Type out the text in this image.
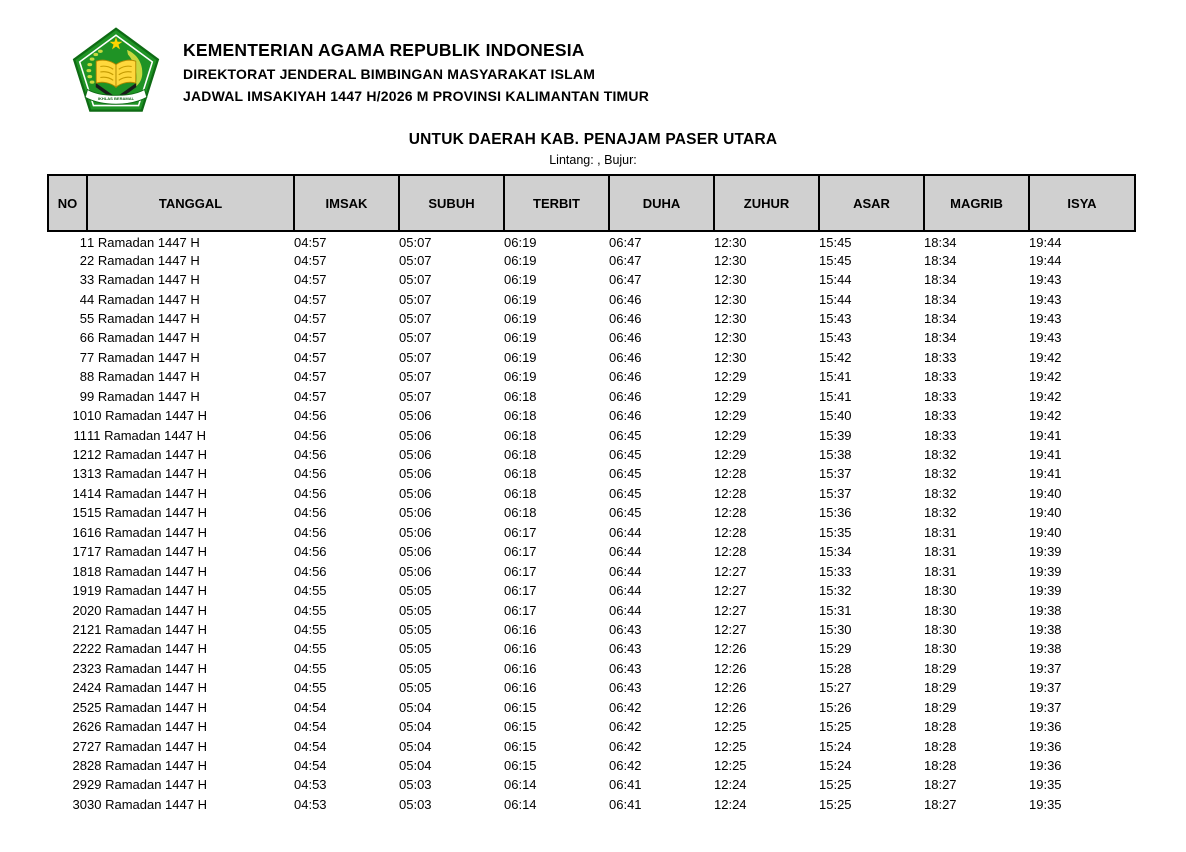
IKHLAS BERAMAL
KEMENTERIAN AGAMA REPUBLIK INDONESIA
DIREKTORAT JENDERAL BIMBINGAN MASYARAKAT ISLAM
JADWAL IMSAKIYAH 1447 H/2026 M PROVINSI KALIMANTAN TIMUR
UNTUK DAERAH KAB. PENAJAM PASER UTARA
Lintang: , Bujur:
NO	TANGGAL	IMSAK	SUBUH	TERBIT	DUHA	ZUHUR	ASAR	MAGRIB	ISYA
1	1 Ramadan 1447 H	04:57	05:07	06:19	06:47	12:30	15:45	18:34	19:44
2	2 Ramadan 1447 H	04:57	05:07	06:19	06:47	12:30	15:45	18:34	19:44
3	3 Ramadan 1447 H	04:57	05:07	06:19	06:47	12:30	15:44	18:34	19:43
4	4 Ramadan 1447 H	04:57	05:07	06:19	06:46	12:30	15:44	18:34	19:43
5	5 Ramadan 1447 H	04:57	05:07	06:19	06:46	12:30	15:43	18:34	19:43
6	6 Ramadan 1447 H	04:57	05:07	06:19	06:46	12:30	15:43	18:34	19:43
7	7 Ramadan 1447 H	04:57	05:07	06:19	06:46	12:30	15:42	18:33	19:42
8	8 Ramadan 1447 H	04:57	05:07	06:19	06:46	12:29	15:41	18:33	19:42
9	9 Ramadan 1447 H	04:57	05:07	06:18	06:46	12:29	15:41	18:33	19:42
10	10 Ramadan 1447 H	04:56	05:06	06:18	06:46	12:29	15:40	18:33	19:42
11	11 Ramadan 1447 H	04:56	05:06	06:18	06:45	12:29	15:39	18:33	19:41
12	12 Ramadan 1447 H	04:56	05:06	06:18	06:45	12:29	15:38	18:32	19:41
13	13 Ramadan 1447 H	04:56	05:06	06:18	06:45	12:28	15:37	18:32	19:41
14	14 Ramadan 1447 H	04:56	05:06	06:18	06:45	12:28	15:37	18:32	19:40
15	15 Ramadan 1447 H	04:56	05:06	06:18	06:45	12:28	15:36	18:32	19:40
16	16 Ramadan 1447 H	04:56	05:06	06:17	06:44	12:28	15:35	18:31	19:40
17	17 Ramadan 1447 H	04:56	05:06	06:17	06:44	12:28	15:34	18:31	19:39
18	18 Ramadan 1447 H	04:56	05:06	06:17	06:44	12:27	15:33	18:31	19:39
19	19 Ramadan 1447 H	04:55	05:05	06:17	06:44	12:27	15:32	18:30	19:39
20	20 Ramadan 1447 H	04:55	05:05	06:17	06:44	12:27	15:31	18:30	19:38
21	21 Ramadan 1447 H	04:55	05:05	06:16	06:43	12:27	15:30	18:30	19:38
22	22 Ramadan 1447 H	04:55	05:05	06:16	06:43	12:26	15:29	18:30	19:38
23	23 Ramadan 1447 H	04:55	05:05	06:16	06:43	12:26	15:28	18:29	19:37
24	24 Ramadan 1447 H	04:55	05:05	06:16	06:43	12:26	15:27	18:29	19:37
25	25 Ramadan 1447 H	04:54	05:04	06:15	06:42	12:26	15:26	18:29	19:37
26	26 Ramadan 1447 H	04:54	05:04	06:15	06:42	12:25	15:25	18:28	19:36
27	27 Ramadan 1447 H	04:54	05:04	06:15	06:42	12:25	15:24	18:28	19:36
28	28 Ramadan 1447 H	04:54	05:04	06:15	06:42	12:25	15:24	18:28	19:36
29	29 Ramadan 1447 H	04:53	05:03	06:14	06:41	12:24	15:25	18:27	19:35
30	30 Ramadan 1447 H	04:53	05:03	06:14	06:41	12:24	15:25	18:27	19:35
